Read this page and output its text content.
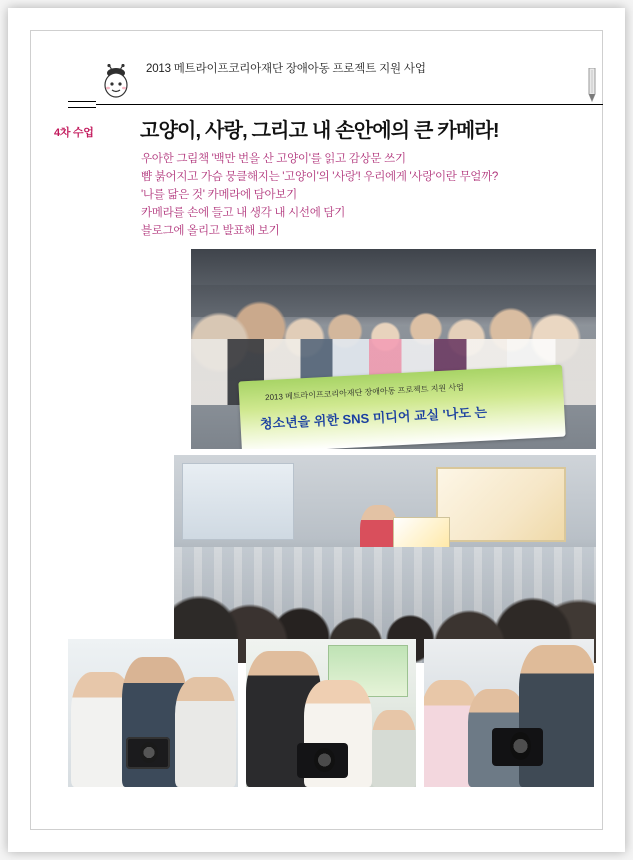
2013 메트라이프코리아재단 장애아동 프로젝트 지원 사업
4차 수업 고양이, 사랑, 그리고 내 손안에의 큰 카메라!
우아한 그림책 '백만 번을 산 고양이'를 읽고 감상문 쓰기
뺨 붉어지고 가슴 뭉클해지는 '고양이'의 '사랑'! 우리에게 '사랑'이란 무얼까?
'나를 닮은 것' 카메라에 담아보기
카메라를 손에 들고 내 생각 내 시선에 담기
블로그에 올리고 발표해 보기
2013 메트라이프코리아재단 장애아동 프로젝트 지원 사업
청소년을 위한 SNS 미디어 교실 '나도 는
